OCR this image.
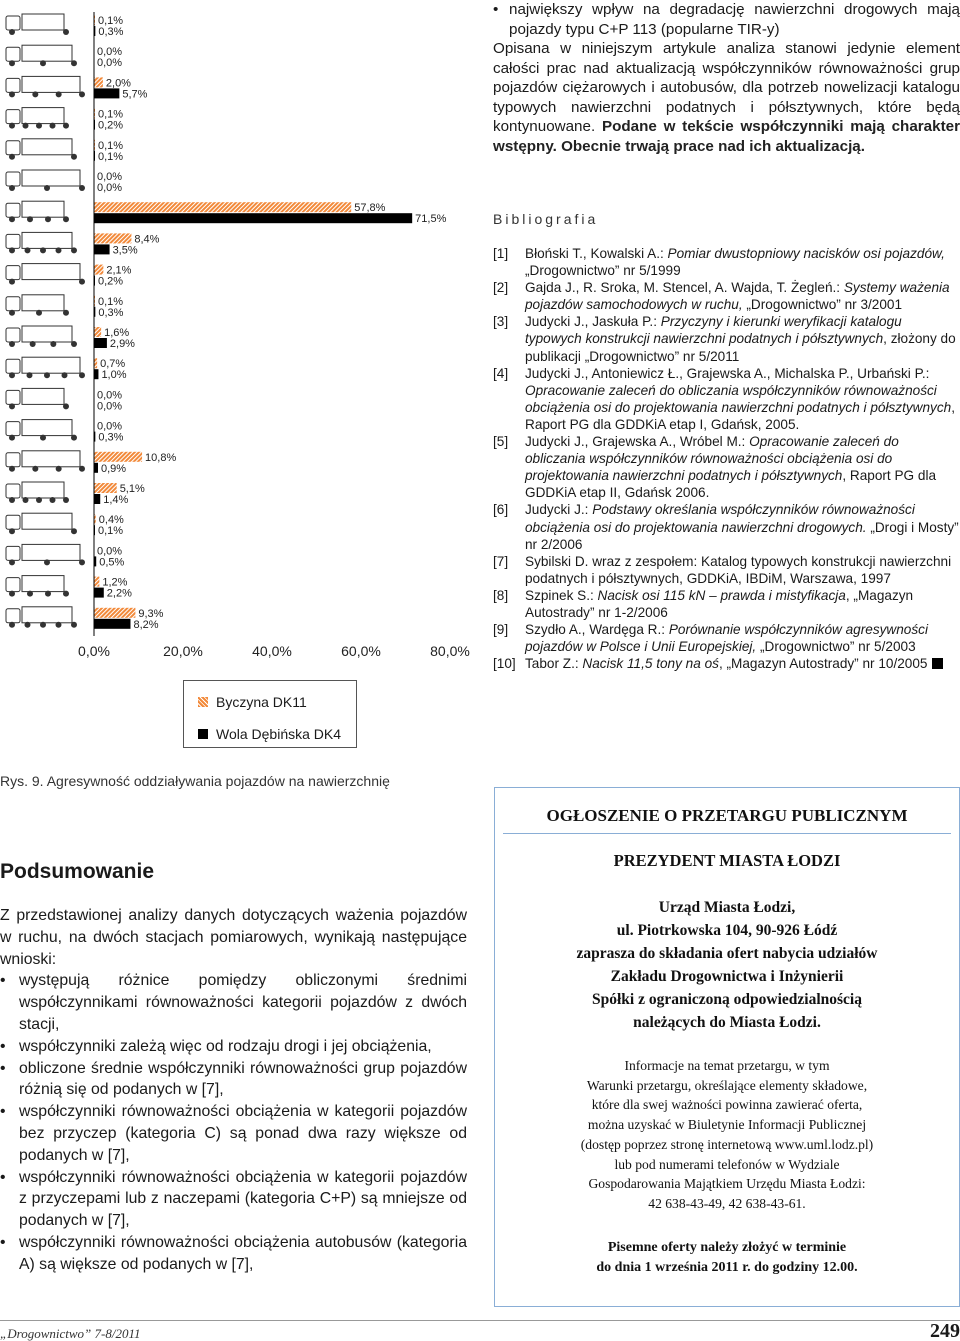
0,1%
0,3%
0,0%
0,0%
2,0%
5,7%
0,1%
0,2%
0,1%
0,1%
0,0%
0,0%
57,8%
71,5%
8,4%
3,5%
2,1%
0,2%
0,1%
0,3%
1,6%
2,9%
0,7%
1,0%
0,0%
0,0%
0,0%
0,3%
10,8%
0,9%
5,1%
1,4%
0,4%
0,1%
0,0%
0,5%
1,2%
2,2%
9,3%
8,2%
0,0%	20,0%	40,0%	60,0%	80,0%
Byczyna DK11
Wola Dębińska DK4
• największy wpływ na degradację nawierzchni drogowych mają pojazdy typu C+P 113 (popularne TIR-y)

Opisana w niniejszym artykule analiza stanowi jedynie element całości prac nad aktualizacją współczynników równoważności grup pojazdów ciężarowych i autobusów, dla potrzeb nowelizacji katalogu typowych nawierzchni podatnych i półsztywnych, które będą kontynuowane. Podane w tekście współczynniki mają charakter wstępny. Obecnie trwają prace nad ich aktualizacją.

Bibliografia
[1]	Błoński T., Kowalski A.: Pomiar dwustopniowy nacisków osi pojazdów, „Drogownictwo” nr 5/1999
[2]	Gajda J., R. Sroka, M. Stencel, A. Wajda, T. Żegleń.: Systemy ważenia pojazdów samochodowych w ruchu, „Drogownictwo” nr 3/2001
[3]	Judycki J., Jaskuła P.: Przyczyny i kierunki weryfikacji katalogu typowych konstrukcji nawierzchni podatnych i półsztywnych, złożony do publikacji „Drogownictwo” nr 5/2011
[4]	Judycki J., Antoniewicz Ł., Grajewska A., Michalska P., Urbański P.: Opracowanie zaleceń do obliczania współczynników równoważności obciążenia osi do projektowania nawierzchni podatnych i półsztywnych, Raport PG dla GDDKiA etap I, Gdańsk, 2005.
[5]	Judycki J., Grajewska A., Wróbel M.: Opracowanie zaleceń do obliczania współczynników równoważności obciążenia osi do projektowania nawierzchni podatnych i półsztywnych, Raport PG dla GDDKiA etap II, Gdańsk 2006.
[6]	Judycki J.: Podstawy określania współczynników równoważności obciążenia osi do projektowania nawierzchni drogowych. „Drogi i Mosty” nr 2/2006
[7]	Sybilski D. wraz z zespołem: Katalog typowych konstrukcji nawierzchni podatnych i półsztywnych, GDDKiA, IBDiM, Warszawa, 1997
[8]	Szpinek S.: Nacisk osi 115 kN – prawda i mistyfikacja, „Magazyn Autostrady” nr 1-2/2006
[9]	Szydło A., Wardęga R.: Porównanie współczynników agresywności pojazdów w Polsce i Unii Europejskiej, „Drogownictwo” nr 5/2003
[10] Tabor Z.: Nacisk 11,5 tony na oś, „Magazyn Autostrady” nr 10/2005
Rys. 9. Agresywność oddziaływania pojazdów na nawierzchnię
Podsumowanie

Z przedstawionej analizy danych dotyczących ważenia pojazdów w ruchu, na dwóch stacjach pomiarowych, wynikają następujące wnioski:

• występują różnice pomiędzy obliczonymi średnimi współczynnikami równoważności kategorii pojazdów z dwóch stacji,
• współczynniki zależą więc od rodzaju drogi i jej obciążenia,
• obliczone średnie współczynniki równoważności grup pojazdów różnią się od podanych w [7],
• współczynniki równoważności obciążenia w kategorii pojazdów bez przyczep (kategoria C) są ponad dwa razy większe od podanych w [7],
• współczynniki równoważności obciążenia w kategorii pojazdów z przyczepami lub z naczepami (kategoria C+P) są mniejsze od podanych w [7],
• współczynniki równoważności obciążenia autobusów (kategoria A) są większe od podanych w [7],
OGŁOSZENIE O PRZETARGU PUBLICZNYM
PREZYDENT MIASTA ŁODZI
Urząd Miasta Łodzi,
ul. Piotrkowska 104, 90-926 Łódź
zaprasza do składania ofert nabycia udziałów
Zakładu Drogownictwa i Inżynierii
Spółki z ograniczoną odpowiedzialnością
należących do Miasta Łodzi.
Informacje na temat przetargu, w tym
Warunki przetargu, określające elementy składowe,
które dla swej ważności powinna zawierać oferta,
można uzyskać w Biuletynie Informacji Publicznej
(dostęp poprzez stronę internetową www.uml.lodz.pl)
lub pod numerami telefonów w Wydziale
Gospodarowania Majątkiem Urzędu Miasta Łodzi:
42 638-43-49, 42 638-43-61.
Pisemne oferty należy złożyć w terminie
do dnia 1 września 2011 r. do godziny 12.00.
„Drogownictwo” 7-8/2011	249
